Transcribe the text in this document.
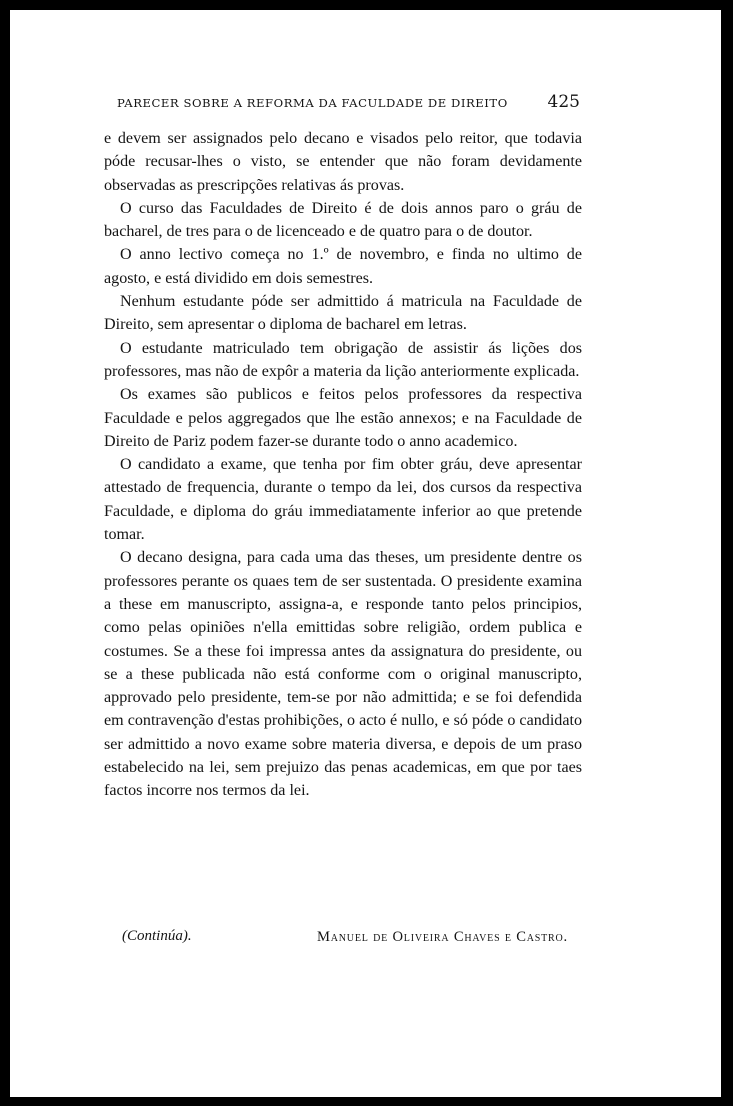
PARECER SOBRE A REFORMA DA FACULDADE DE DIREITO 425

e devem ser assignados pelo decano e visados pelo reitor, que todavia póde recusar-lhes o visto, se entender que não foram devidamente observadas as prescripções relativas ás provas.

O curso das Faculdades de Direito é de dois annos paro o gráu de bacharel, de tres para o de licenceado e de quatro para o de doutor.

O anno lectivo começa no 1.º de novembro, e finda no ultimo de agosto, e está dividido em dois semestres.

Nenhum estudante póde ser admittido á matricula na Faculdade de Direito, sem apresentar o diploma de bacharel em letras.

O estudante matriculado tem obrigação de assistir ás lições dos professores, mas não de expôr a materia da lição anteriormente explicada.

Os exames são publicos e feitos pelos professores da respectiva Faculdade e pelos aggregados que lhe estão annexos; e na Faculdade de Direito de Pariz podem fazer-se durante todo o anno academico.

O candidato a exame, que tenha por fim obter gráu, deve apresentar attestado de frequencia, durante o tempo da lei, dos cursos da respectiva Faculdade, e diploma do gráu immediatamente inferior ao que pretende tomar.

O decano designa, para cada uma das theses, um presidente dentre os professores perante os quaes tem de ser sustentada. O presidente examina a these em manuscripto, assigna-a, e responde tanto pelos principios, como pelas opiniões n'ella emittidas sobre religião, ordem publica e costumes. Se a these foi impressa antes da assignatura do presidente, ou se a these publicada não está conforme com o original manuscripto, approvado pelo presidente, tem-se por não admittida; e se foi defendida em contravenção d'estas prohibições, o acto é nullo, e só póde o candidato ser admittido a novo exame sobre materia diversa, e depois de um praso estabelecido na lei, sem prejuizo das penas academicas, em que por taes factos incorre nos termos da lei.

(Continúa).	Manuel de Oliveira Chaves e Castro.
